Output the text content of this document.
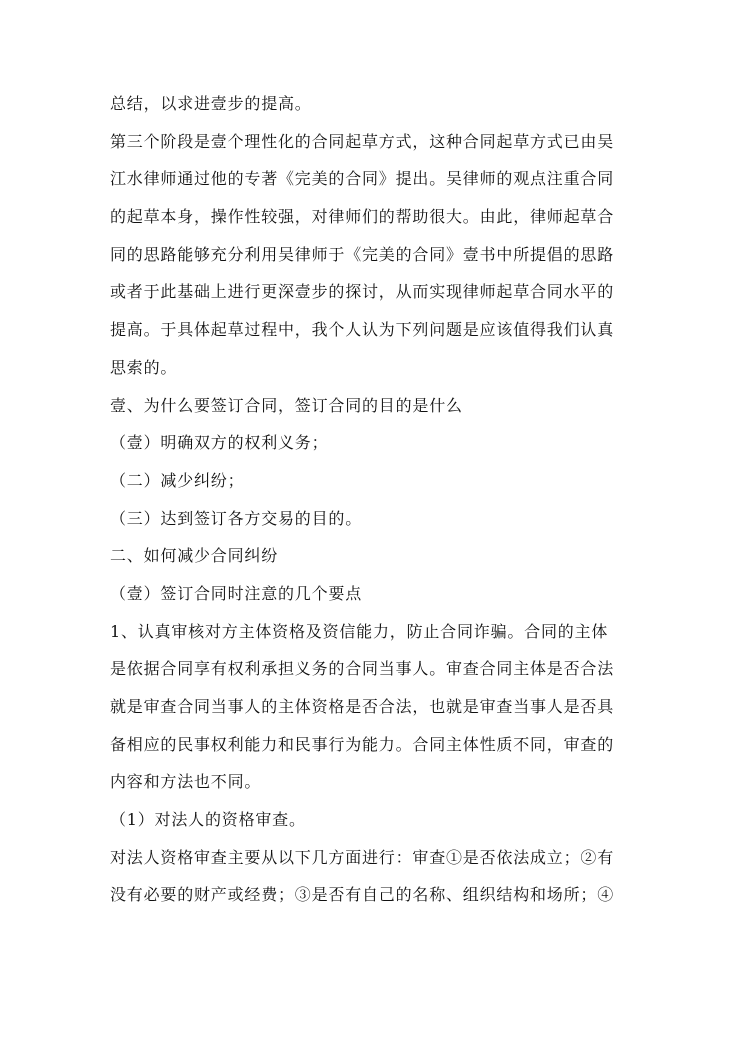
总结，以求进壹步的提高。
第三个阶段是壹个理性化的合同起草方式，这种合同起草方式已由吴
江水律师通过他的专著《完美的合同》提出。吴律师的观点注重合同
的起草本身，操作性较强，对律师们的帮助很大。由此，律师起草合
同的思路能够充分利用吴律师于《完美的合同》壹书中所提倡的思路
或者于此基础上进行更深壹步的探讨，从而实现律师起草合同水平的
提高。于具体起草过程中，我个人认为下列问题是应该值得我们认真
思索的。
壹、为什么要签订合同，签订合同的目的是什么
（壹）明确双方的权利义务；
（二）减少纠纷；
（三）达到签订各方交易的目的。
二、如何减少合同纠纷
（壹）签订合同时注意的几个要点
1、认真审核对方主体资格及资信能力，防止合同诈骗。合同的主体
是依据合同享有权利承担义务的合同当事人。审查合同主体是否合法
就是审查合同当事人的主体资格是否合法，也就是审查当事人是否具
备相应的民事权利能力和民事行为能力。合同主体性质不同，审查的
内容和方法也不同。
（1）对法人的资格审查。
对法人资格审查主要从以下几方面进行：审查①是否依法成立；②有
没有必要的财产或经费；③是否有自己的名称、组织结构和场所；④
